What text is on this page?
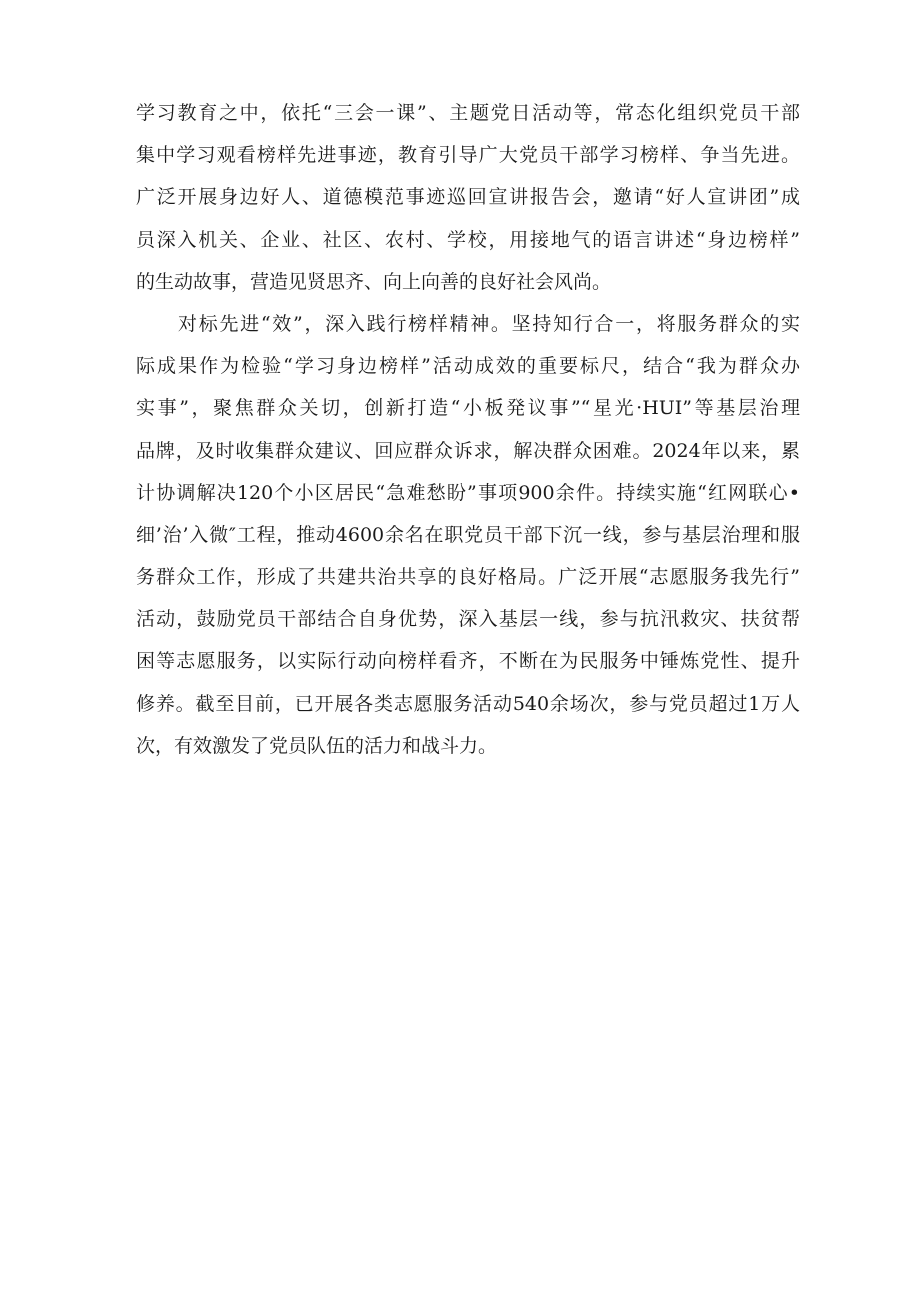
学习教育之中，依托“三会一课”、主题党日活动等，常态化组织党员干部
集中学习观看榜样先进事迹，教育引导广大党员干部学习榜样、争当先进。
广泛开展身边好人、道德模范事迹巡回宣讲报告会，邀请“好人宣讲团”成
员深入机关、企业、社区、农村、学校，用接地气的语言讲述“身边榜样”
的生动故事，营造见贤思齐、向上向善的良好社会风尚。
对标先进“效”，深入践行榜样精神。坚持知行合一，将服务群众的实
际成果作为检验“学习身边榜样”活动成效的重要标尺，结合“我为群众办
实事”，聚焦群众关切，创新打造“小板発议事”“星光·HUI”等基层治理
品牌，及时收集群众建议、回应群众诉求，解决群众困难。2024年以来，累
计协调解决120个小区居民“急难愁盼”事项900余件。持续实施“红网联心•
细’治’入微″工程，推动4600余名在职党员干部下沉一线，参与基层治理和服
务群众工作，形成了共建共治共享的良好格局。广泛开展“志愿服务我先行”
活动，鼓励党员干部结合自身优势，深入基层一线，参与抗汛救灾、扶贫帮
困等志愿服务，以实际行动向榜样看齐，不断在为民服务中锤炼党性、提升
修养。截至目前，已开展各类志愿服务活动540余场次，参与党员超过1万人
次，有效激发了党员队伍的活力和战斗力。
